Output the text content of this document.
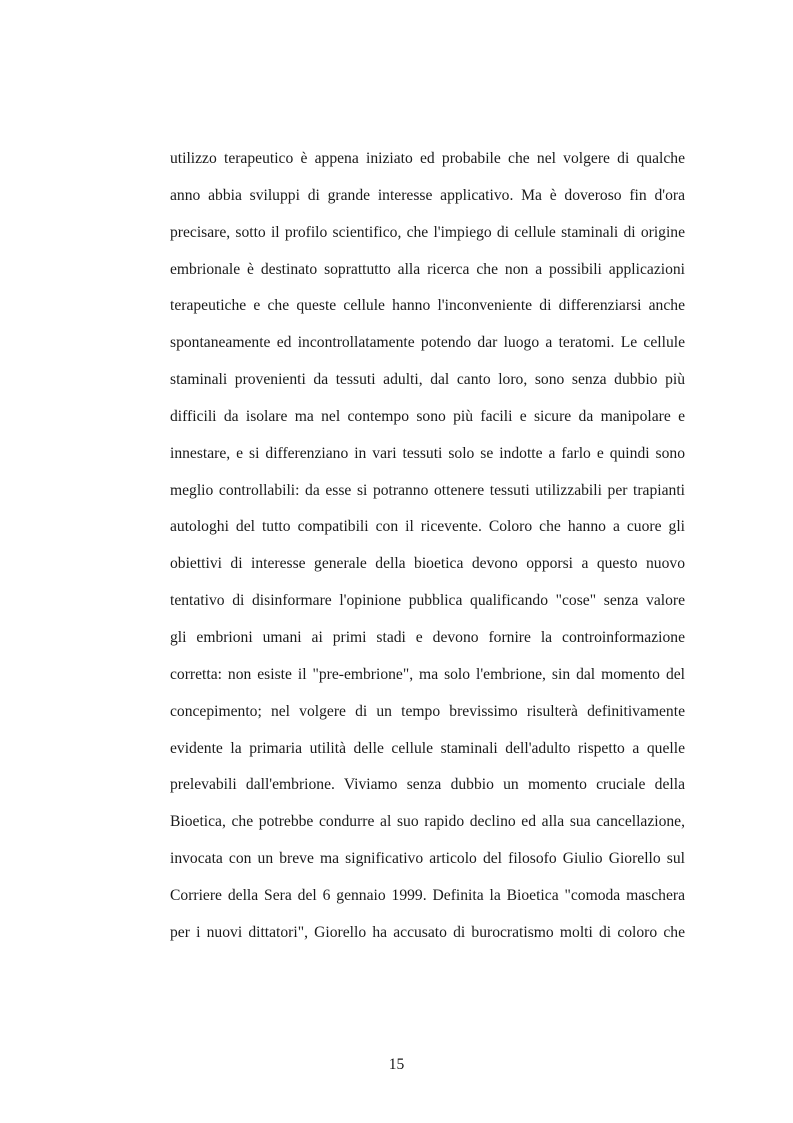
utilizzo terapeutico è appena iniziato ed probabile che nel volgere di qualche
anno abbia sviluppi di grande interesse applicativo. Ma è doveroso fin d'ora
precisare, sotto il profilo scientifico, che l'impiego di cellule staminali di origine
embrionale è destinato soprattutto alla ricerca che non a possibili applicazioni
terapeutiche e che queste cellule hanno l'inconveniente di differenziarsi anche
spontaneamente ed incontrollatamente potendo dar luogo a teratomi. Le cellule
staminali provenienti da tessuti adulti, dal canto loro, sono senza dubbio più
difficili da isolare ma nel contempo sono più facili e sicure da manipolare e
innestare, e si differenziano in vari tessuti solo se indotte a farlo e quindi sono
meglio controllabili: da esse si potranno ottenere tessuti utilizzabili per trapianti
autologhi del tutto compatibili con il ricevente. Coloro che hanno a cuore gli
obiettivi di interesse generale della bioetica devono opporsi a questo nuovo
tentativo di disinformare l'opinione pubblica qualificando "cose" senza valore
gli embrioni umani ai primi stadi e devono fornire la controinformazione
corretta: non esiste il "pre-embrione", ma solo l'embrione, sin dal momento del
concepimento; nel volgere di un tempo brevissimo risulterà definitivamente
evidente la primaria utilità delle cellule staminali dell'adulto rispetto a quelle
prelevabili dall'embrione. Viviamo senza dubbio un momento cruciale della
Bioetica, che potrebbe condurre al suo rapido declino ed alla sua cancellazione,
invocata con un breve ma significativo articolo del filosofo Giulio Giorello sul
Corriere della Sera del 6 gennaio 1999. Definita la Bioetica "comoda maschera
per i nuovi dittatori", Giorello ha accusato di burocratismo molti di coloro che
15
